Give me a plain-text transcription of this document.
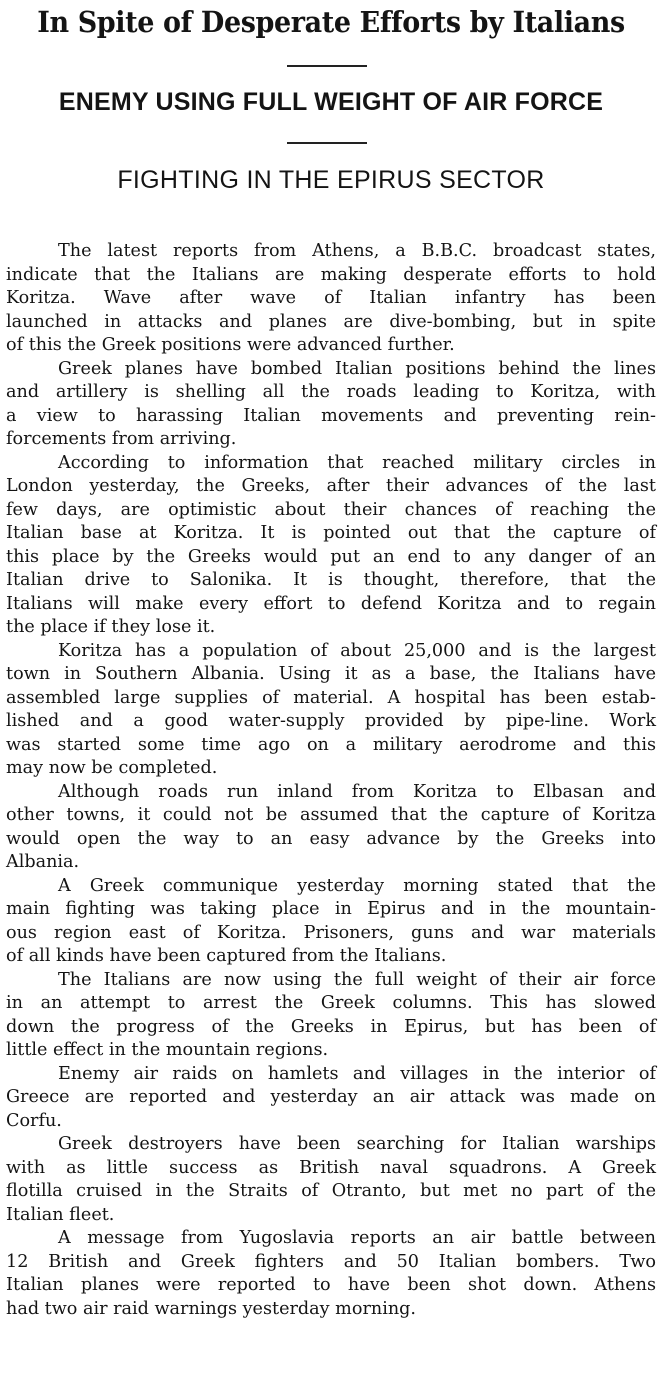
In Spite of Desperate Efforts by Italians
ENEMY USING FULL WEIGHT OF AIR FORCE
FIGHTING IN THE EPIRUS SECTOR
The latest reports from Athens, a B.B.C. broadcast states,
indicate that the Italians are making desperate efforts to hold
Koritza. Wave after wave of Italian infantry has been
launched in attacks and planes are dive-bombing, but in spite
of this the Greek positions were advanced further.
Greek planes have bombed Italian positions behind the lines
and artillery is shelling all the roads leading to Koritza, with
a view to harassing Italian movements and preventing rein-
forcements from arriving.
According to information that reached military circles in
London yesterday, the Greeks, after their advances of the last
few days, are optimistic about their chances of reaching the
Italian base at Koritza. It is pointed out that the capture of
this place by the Greeks would put an end to any danger of an
Italian drive to Salonika. It is thought, therefore, that the
Italians will make every effort to defend Koritza and to regain
the place if they lose it.
Koritza has a population of about 25,000 and is the largest
town in Southern Albania. Using it as a base, the Italians have
assembled large supplies of material. A hospital has been estab-
lished and a good water-supply provided by pipe-line. Work
was started some time ago on a military aerodrome and this
may now be completed.
Although roads run inland from Koritza to Elbasan and
other towns, it could not be assumed that the capture of Koritza
would open the way to an easy advance by the Greeks into
Albania.
A Greek communique yesterday morning stated that the
main fighting was taking place in Epirus and in the mountain-
ous region east of Koritza. Prisoners, guns and war materials
of all kinds have been captured from the Italians.
The Italians are now using the full weight of their air force
in an attempt to arrest the Greek columns. This has slowed
down the progress of the Greeks in Epirus, but has been of
little effect in the mountain regions.
Enemy air raids on hamlets and villages in the interior of
Greece are reported and yesterday an air attack was made on
Corfu.
Greek destroyers have been searching for Italian warships
with as little success as British naval squadrons. A Greek
flotilla cruised in the Straits of Otranto, but met no part of the
Italian fleet.
A message from Yugoslavia reports an air battle between
12 British and Greek fighters and 50 Italian bombers. Two
Italian planes were reported to have been shot down. Athens
had two air raid warnings yesterday morning.
